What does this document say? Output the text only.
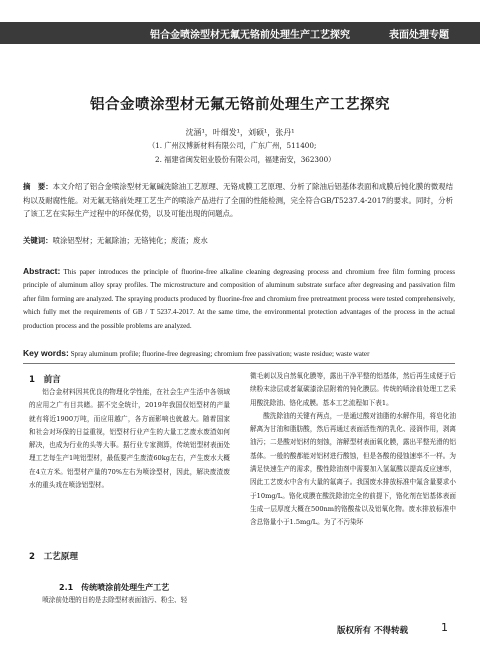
铝合金喷涂型材无氟无铬前处理生产工艺探究	表面处理专题
铝合金喷涂型材无氟无铬前处理生产工艺探究
沈涵¹，叶细发¹，刘硕¹，张丹¹
（1. 广州汉博新材料有限公司，广东广州，511400;
2. 福建省闽发铝业股份有限公司，福建南安，362300）
摘　要：本文介绍了铝合金喷涂型材无氟碱洗除油工艺原理、无铬成膜工艺原理、分析了除油后铝基体表面和成膜后钝化膜的微观结构以及耐腐性能。对无氟无铬前处理工艺生产的喷涂产品进行了全面的性能检测，完全符合GB/T5237.4-2017的要求。同时，分析了该工艺在实际生产过程中的环保优势，以及可能出现的问题点。
关键词：喷涂铝型材；无氟除油；无铬钝化；废渣；废水
Abstract: This paper introduces the principle of fluorine-free alkaline cleaning degreasing process and chromium free film forming process principle of aluminum alloy spray profiles. The microstructure and composition of aluminum substrate surface after degreasing and passivation film after film forming are analyzed. The spraying products produced by fluorine-free and chromium free pretreatment process were tested comprehensively, which fully met the requirements of GB / T 5237.4-2017. At the same time, the environmental protection advantages of the process in the actual production process and the possible problems are analyzed.
Key words: Spray aluminum profile; fluorine-free degreasing; chromium free passivation; waste residue; waste water
1　前言

铝合金材料因其优良的物理化学性能，在社会生产生活中各领域的应用之广有目共睹。据不完全统计，2019年我国仅铝型材的产量就有将近1900万吨，而应用越广，各方面影响也就越大。随着国家和社会对环保的日益重视，铝型材行业产生的大量工艺废水废渣如何解决，也成为行业的头等大事。据行业专家测算，传统铝型材表面处理工艺每生产1吨铝型材，最低要产生废渣60kg左右，产生废水大概在4立方米。铝型材产量的70%左右为喷涂型材，因此，解决废渣废水的重头戏在喷涂铝型材。

2　工艺原理
2.1　传统喷涂前处理生产工艺

喷涂前处理的目的是去除型材表面油污、粉尘、轻

微毛刺以及自然氧化膜等，露出干净平整的铝基体，然后再生成便于后续粉末涂层或者氟碳漆涂层附着的钝化膜层。传统的喷涂前处理工艺采用酸洗除油、铬化成膜。基本工艺流程如下表1。

酸洗除油的关键有两点，一是通过酸对油脂的水解作用，将皂化油解离为甘油和脂肪酸，然后再通过表面活性剂的乳化、浸润作用，剥离油污；二是酸对铝材的刻蚀，溶解型材表面氧化膜，露出平整光滑的铝基体。一般的酸都能对铝材进行酸蚀，但是各酸的侵蚀速率不一样。为满足快速生产的需求，酸性除油剂中需要加入氢氟酸以提高反应速率，因此工艺废水中含有大量的氟离子。我国废水排放标准中氟含量要求小于10mg/L。铬化成膜在酸洗除油完全的前提下，铬化剂在铝基体表面生成一层厚度大概在500nm的铬酸盐以及铝氧化物。废水排放标准中含总铬量小于1.5mg/L。为了不污染环

版权所有 不得转载	1
